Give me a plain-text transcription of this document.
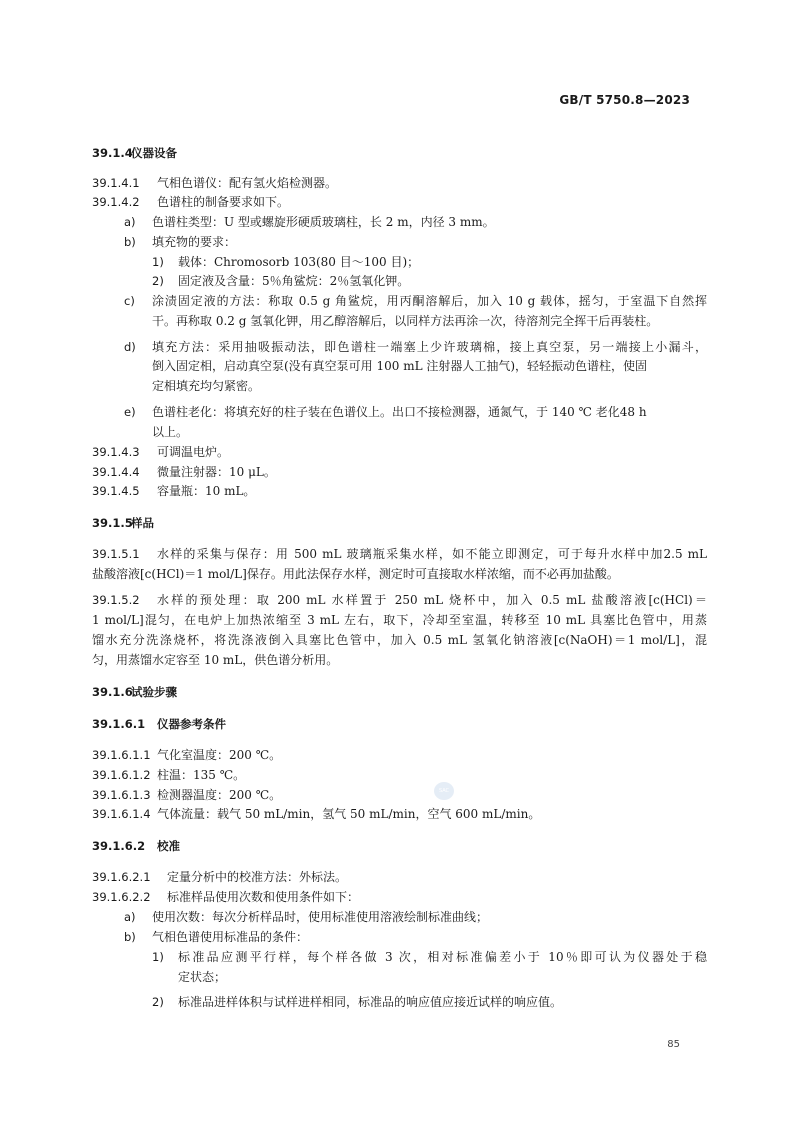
GB/T 5750.8—2023
39.1.4
仪器设备
39.1.4.1 气相色谱仪：配有氢火焰检测器。
39.1.4.2 色谱柱的制备要求如下。
a) 色谱柱类型：U 型或螺旋形硬质玻璃柱，长 2 m，内径 3 mm。
b) 填充物的要求：
1) 载体：Chromosorb 103(80 目～100 目)；
2) 固定液及含量：5％角鲨烷：2％氢氧化钾。
c) 涂渍固定液的方法：称取 0.5 g 角鲨烷，用丙酮溶解后，加入 10 g 载体，摇匀，于室温下自然挥
干。再称取 0.2 g 氢氧化钾，用乙醇溶解后，以同样方法再涂一次，待溶剂完全挥干后再装柱。
d) 填充方法：采用抽吸振动法，即色谱柱一端塞上少许玻璃棉，接上真空泵，另一端接上小漏斗，
倒入固定相，启动真空泵(没有真空泵可用 100 mL 注射器人工抽气)，轻轻振动色谱柱，使固
定相填充均匀紧密。
e) 色谱柱老化：将填充好的柱子装在色谱仪上。出口不接检测器，通氮气，于 140 ℃ 老化48 h
以上。
39.1.4.3 可调温电炉。
39.1.4.4 微量注射器：10 μL。
39.1.4.5 容量瓶：10 mL。
39.1.5
样品
39.1.5.1 水样的采集与保存：用 500 mL 玻璃瓶采集水样，如不能立即测定，可于每升水样中加2.5 mL
盐酸溶液[c(HCl)＝1 mol/L]保存。用此法保存水样，测定时可直接取水样浓缩，而不必再加盐酸。
39.1.5.2 水样的预处理：取 200 mL 水样置于 250 mL 烧杯中，加入 0.5 mL 盐酸溶液[c(HCl)＝
1 mol/L]混匀，在电炉上加热浓缩至 3 mL 左右，取下，冷却至室温，转移至 10 mL 具塞比色管中，用蒸
馏水充分洗涤烧杯，将洗涤液倒入具塞比色管中，加入 0.5 mL 氢氧化钠溶液[c(NaOH)＝1 mol/L]，混
匀，用蒸馏水定容至 10 mL，供色谱分析用。
39.1.6
试验步骤
39.1.6.1 仪器参考条件
39.1.6.1.1 气化室温度：200 ℃。
39.1.6.1.2 柱温：135 ℃。
39.1.6.1.3 检测器温度：200 ℃。
39.1.6.1.4 气体流量：载气 50 mL/min，氢气 50 mL/min，空气 600 mL/min。
39.1.6.2 校准
39.1.6.2.1 定量分析中的校准方法：外标法。
39.1.6.2.2 标准样品使用次数和使用条件如下：
a) 使用次数：每次分析样品时，使用标准使用溶液绘制标准曲线；
b) 气相色谱使用标准品的条件：
1) 标准品应测平行样，每个样各做 3 次，相对标准偏差小于 10％即可认为仪器处于稳
定状态；
2) 标准品进样体积与试样进样相同，标准品的响应值应接近试样的响应值。
SAC
85
